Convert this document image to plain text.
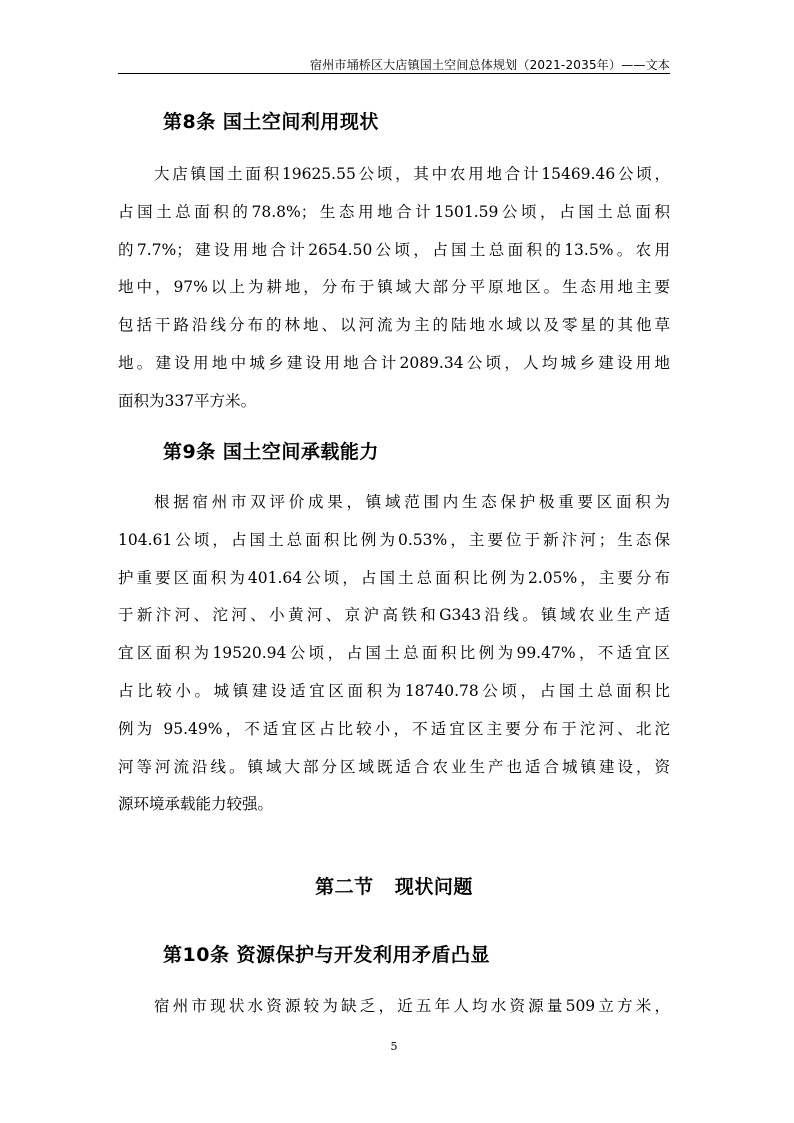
宿州市埇桥区大店镇国土空间总体规划（2021-2035年）——文本
第8条 国土空间利用现状
大店镇国土面积19625.55公顷，其中农用地合计15469.46公顷，
占国土总面积的78.8%；生态用地合计1501.59公顷，占国土总面积
的7.7%；建设用地合计2654.50公顷，占国土总面积的13.5%。农用
地中，97%以上为耕地，分布于镇域大部分平原地区。生态用地主要
包括干路沿线分布的林地、以河流为主的陆地水域以及零星的其他草
地。建设用地中城乡建设用地合计2089.34公顷，人均城乡建设用地
面积为337平方米。
第9条 国土空间承载能力
根据宿州市双评价成果，镇域范围内生态保护极重要区面积为
104.61公顷，占国土总面积比例为0.53%，主要位于新汴河；生态保
护重要区面积为401.64公顷，占国土总面积比例为2.05%，主要分布
于新汴河、沱河、小黄河、京沪高铁和G343沿线。镇域农业生产适
宜区面积为19520.94公顷，占国土总面积比例为99.47%，不适宜区
占比较小。城镇建设适宜区面积为18740.78公顷，占国土总面积比
例为 95.49%，不适宜区占比较小，不适宜区主要分布于沱河、北沱
河等河流沿线。镇域大部分区域既适合农业生产也适合城镇建设，资
源环境承载能力较强。
第二节   现状问题
第10条 资源保护与开发利用矛盾凸显
宿州市现状水资源较为缺乏，近五年人均水资源量509立方米，
5
